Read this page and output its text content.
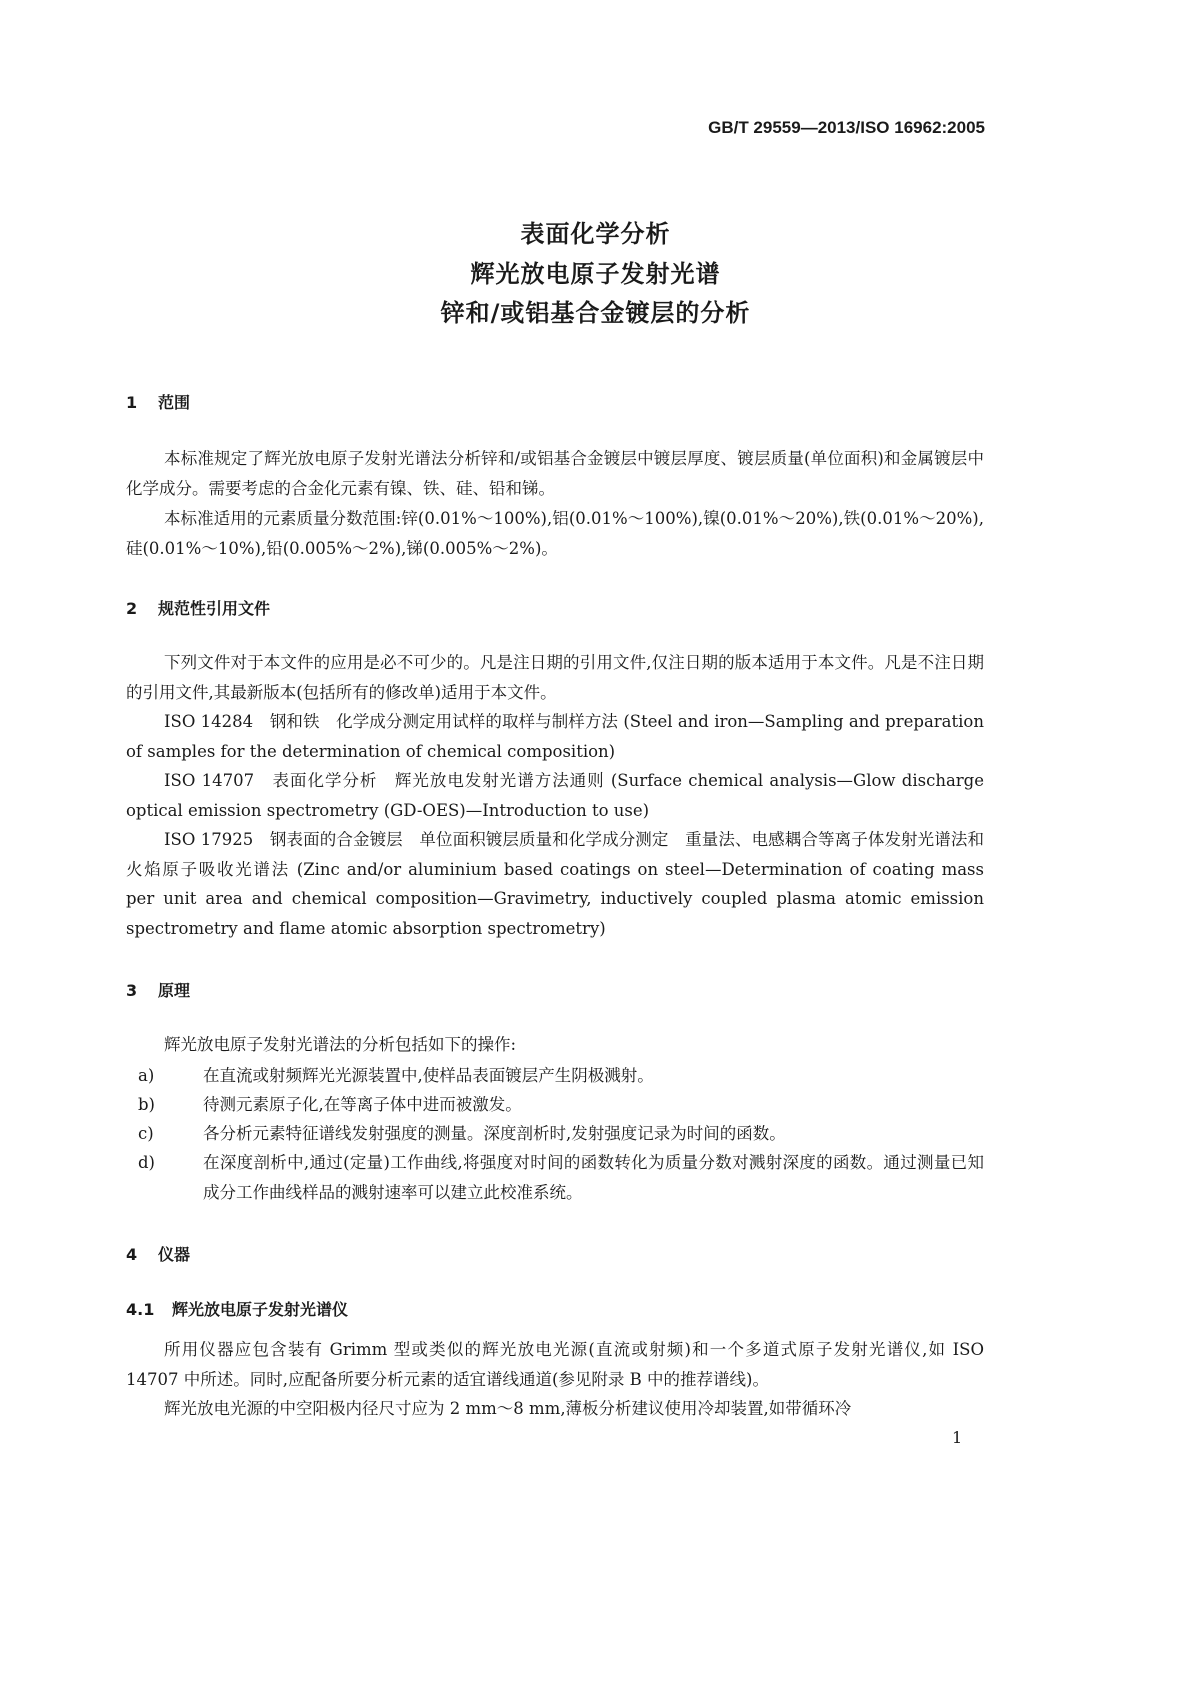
GB/T 29559—2013/ISO 16962:2005
表面化学分析
辉光放电原子发射光谱
锌和/或铝基合金镀层的分析
1 范围

本标准规定了辉光放电原子发射光谱法分析锌和/或铝基合金镀层中镀层厚度、镀层质量(单位面积)和金属镀层中化学成分。需要考虑的合金化元素有镍、铁、硅、铅和锑。

本标准适用的元素质量分数范围:锌(0.01%～100%),铝(0.01%～100%),镍(0.01%～20%),铁(0.01%～20%),硅(0.01%～10%),铅(0.005%～2%),锑(0.005%～2%)。

2 规范性引用文件

下列文件对于本文件的应用是必不可少的。凡是注日期的引用文件,仅注日期的版本适用于本文件。凡是不注日期的引用文件,其最新版本(包括所有的修改单)适用于本文件。

ISO 14284　钢和铁　化学成分测定用试样的取样与制样方法 (Steel and iron—Sampling and preparation of samples for the determination of chemical composition)

ISO 14707　表面化学分析　辉光放电发射光谱方法通则 (Surface chemical analysis—Glow discharge optical emission spectrometry (GD-OES)—Introduction to use)

ISO 17925　钢表面的合金镀层　单位面积镀层质量和化学成分测定　重量法、电感耦合等离子体发射光谱法和火焰原子吸收光谱法 (Zinc and/or aluminium based coatings on steel—Determination of coating mass per unit area and chemical composition—Gravimetry, inductively coupled plasma atomic emission spectrometry and flame atomic absorption spectrometry)

3 原理

辉光放电原子发射光谱法的分析包括如下的操作:

a)	在直流或射频辉光光源装置中,使样品表面镀层产生阴极溅射。
b)	待测元素原子化,在等离子体中进而被激发。
c)	各分析元素特征谱线发射强度的测量。深度剖析时,发射强度记录为时间的函数。
d)	在深度剖析中,通过(定量)工作曲线,将强度对时间的函数转化为质量分数对溅射深度的函数。通过测量已知成分工作曲线样品的溅射速率可以建立此校准系统。
4 仪器
4.1 辉光放电原子发射光谱仪

所用仪器应包含装有 Grimm 型或类似的辉光放电光源(直流或射频)和一个多道式原子发射光谱仪,如 ISO 14707 中所述。同时,应配备所要分析元素的适宜谱线通道(参见附录 B 中的推荐谱线)。

辉光放电光源的中空阳极内径尺寸应为 2 mm～8 mm,薄板分析建议使用冷却装置,如带循环冷

1
